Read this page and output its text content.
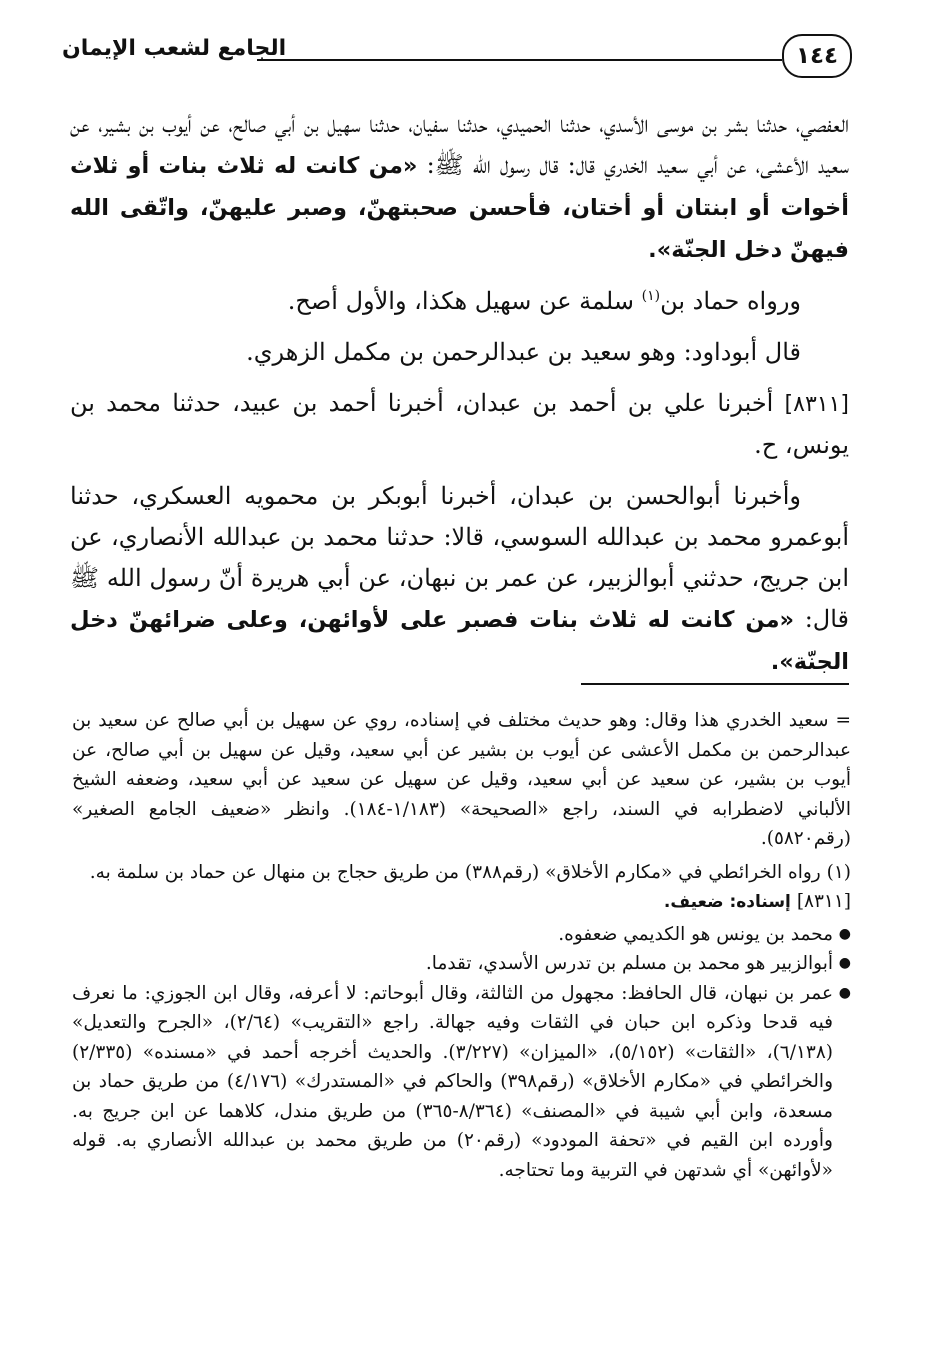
١٤٤
الجامع لشعب الإيمان

العفصي، حدثنا بشر بن موسى الأسدي، حدثنا الحميدي، حدثنا سفيان، حدثنا سهيل بن أبي صالح، عن أيوب بن بشير، عن سعيد الأعشى، عن أبي سعيد الخدري قال: قال رسول الله ﷺ: «من كانت له ثلاث بنات أو ثلاث أخوات أو ابنتان أو أختان، فأحسن صحبتهنّ، وصبر عليهنّ، واتّقى الله فيهنّ دخل الجنّة».

ورواه حماد بن$^{(١)}$ سلمة عن سهيل هكذا، والأول أصح.

قال أبوداود: وهو سعيد بن عبدالرحمن بن مكمل الزهري.

[٨٣١١] أخبرنا علي بن أحمد بن عبدان، أخبرنا أحمد بن عبيد، حدثنا محمد بن يونس، ح.

وأخبرنا أبوالحسن بن عبدان، أخبرنا أبوبكر بن محمويه العسكري، حدثنا أبوعمرو محمد بن عبدالله السوسي، قالا: حدثنا محمد بن عبدالله الأنصاري، عن ابن جريج، حدثني أبوالزبير، عن عمر بن نبهان، عن أبي هريرة أنّ رسول الله ﷺ قال: «من كانت له ثلاث بنات فصبر على لأوائهن، وعلى ضرائهنّ دخل الجنّة».

= سعيد الخدري هذا وقال: وهو حديث مختلف في إسناده، روي عن سهيل بن أبي صالح عن سعيد بن عبدالرحمن بن مكمل الأعشى عن أيوب بن بشير عن أبي سعيد، وقيل عن سهيل بن أبي صالح، عن أيوب بن بشير، عن سعيد عن أبي سعيد، وقيل عن سهيل عن سعيد عن أبي سعيد، وضعفه الشيخ الألباني لاضطرابه في السند، راجع «الصحيحة» (١/١٨٣-١٨٤). وانظر «ضعيف الجامع الصغير» (رقم٥٨٢٠).

(١) رواه الخرائطي في «مكارم الأخلاق» (رقم٣٨٨) من طريق حجاج بن منهال عن حماد بن سلمة به.

[٨٣١١] إسناده: ضعيف.

●
محمد بن يونس هو الكديمي ضعفوه.
●
أبوالزبير هو محمد بن مسلم بن تدرس الأسدي، تقدما.
●
عمر بن نبهان، قال الحافظ: مجهول من الثالثة، وقال أبوحاتم: لا أعرفه، وقال ابن الجوزي: ما نعرف فيه قدحا وذكره ابن حبان في الثقات وفيه جهالة. راجع «التقريب» (٢/٦٤)، «الجرح والتعديل» (٦/١٣٨)، «الثقات» (٥/١٥٢)، «الميزان» (٣/٢٢٧). والحديث أخرجه أحمد في «مسنده» (٢/٣٣٥) والخرائطي في «مكارم الأخلاق» (رقم٣٩٨) والحاكم في «المستدرك» (٤/١٧٦) من طريق حماد بن مسعدة، وابن أبي شيبة في «المصنف» (٨/٣٦٤-٣٦٥) من طريق مندل، كلاهما عن ابن جريج به. وأورده ابن القيم في «تحفة المودود» (رقم٢٠) من طريق محمد بن عبدالله الأنصاري به. قوله «لأوائهن» أي شدتهن في التربية وما تحتاجه.
